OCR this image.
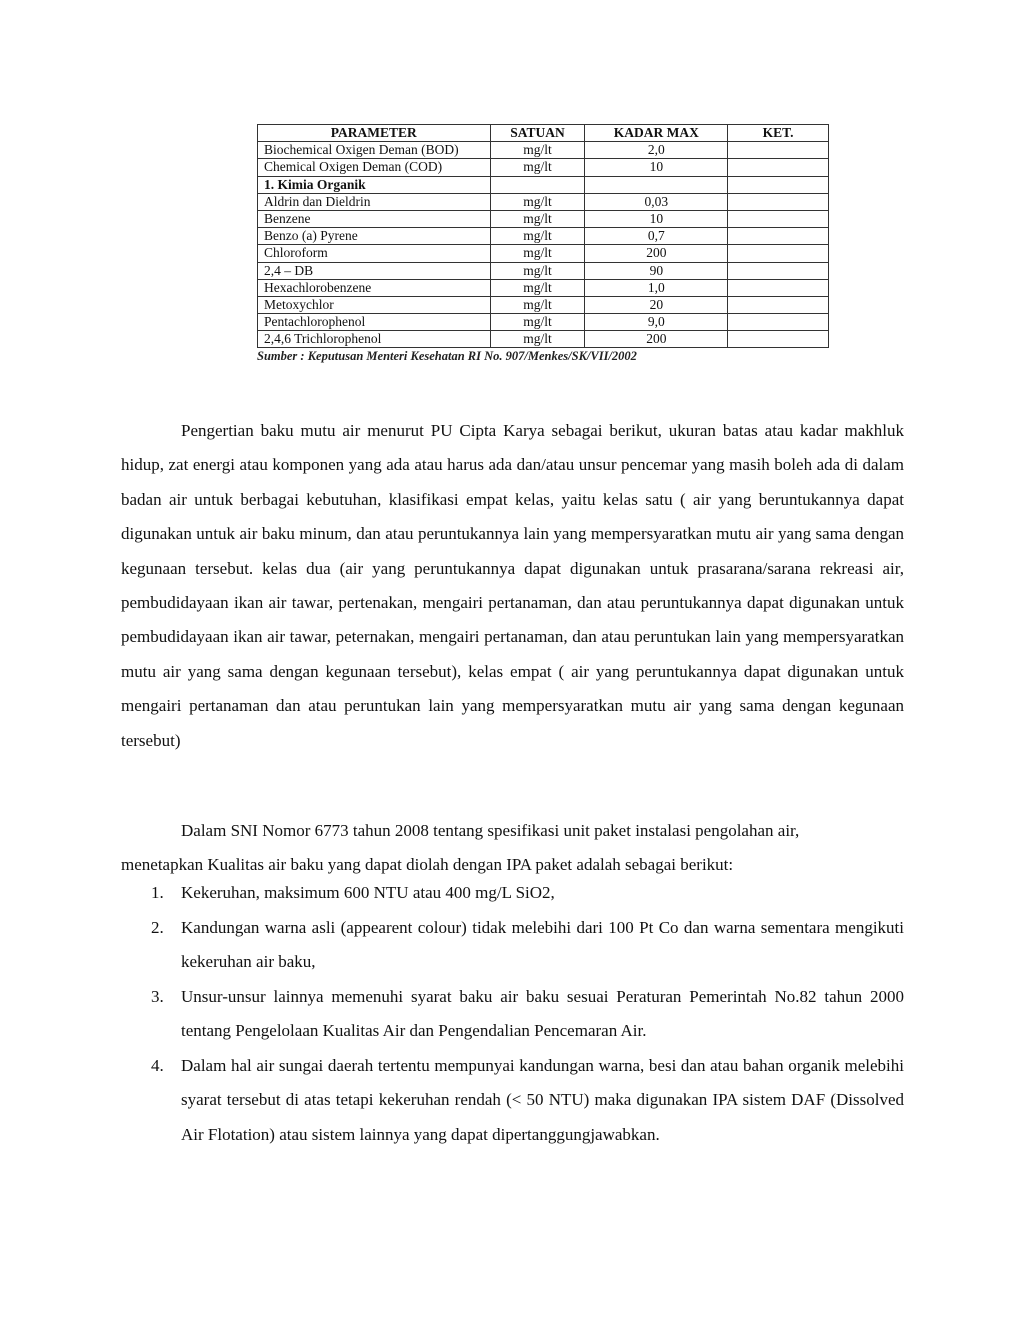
PARAMETER	SATUAN	KADAR MAX	KET.
Biochemical Oxigen Deman (BOD)	mg/lt	2,0	
Chemical Oxigen Deman (COD)	mg/lt	10	
1. Kimia Organik			
Aldrin dan Dieldrin	mg/lt	0,03	
Benzene	mg/lt	10	
Benzo (a) Pyrene	mg/lt	0,7	
Chloroform	mg/lt	200	
2,4 – DB	mg/lt	90	
Hexachlorobenzene	mg/lt	1,0	
Metoxychlor	mg/lt	20	
Pentachlorophenol	mg/lt	9,0	
2,4,6 Trichlorophenol	mg/lt	200	
Sumber : Keputusan Menteri Kesehatan RI No. 907/Menkes/SK/VII/2002

Pengertian baku mutu air menurut PU Cipta Karya sebagai berikut, ukuran batas atau kadar makhluk hidup, zat energi atau komponen yang ada atau harus ada dan/atau unsur pencemar yang masih boleh ada di dalam badan air untuk berbagai kebutuhan, klasifikasi empat kelas, yaitu kelas satu ( air yang beruntukannya dapat digunakan untuk air baku minum, dan atau peruntukannya lain yang mempersyaratkan mutu air yang sama dengan kegunaan tersebut. kelas dua (air yang peruntukannya dapat digunakan untuk prasarana/sarana rekreasi air, pembudidayaan ikan air tawar, pertenakan, mengairi pertanaman, dan atau peruntukannya dapat digunakan untuk pembudidayaan ikan air tawar, peternakan, mengairi pertanaman, dan atau peruntukan lain yang mempersyaratkan mutu air yang sama dengan kegunaan tersebut), kelas empat ( air yang peruntukannya dapat digunakan untuk mengairi pertanaman dan atau peruntukan lain yang mempersyaratkan mutu air yang sama dengan kegunaan tersebut)

Dalam SNI Nomor 6773 tahun 2008 tentang spesifikasi unit paket instalasi pengolahan air, menetapkan Kualitas air baku yang dapat diolah dengan IPA paket adalah sebagai berikut:

1. Kekeruhan, maksimum 600 NTU atau 400 mg/L SiO2,
2. Kandungan warna asli (appearent colour) tidak melebihi dari 100 Pt Co dan warna sementara mengikuti kekeruhan air baku,
3. Unsur-unsur lainnya memenuhi syarat baku air baku sesuai Peraturan Pemerintah No.82 tahun 2000 tentang Pengelolaan Kualitas Air dan Pengendalian Pencemaran Air.
4. Dalam hal air sungai daerah tertentu mempunyai kandungan warna, besi dan atau bahan organik melebihi syarat tersebut di atas tetapi kekeruhan rendah (< 50 NTU) maka digunakan IPA sistem DAF (Dissolved Air Flotation) atau sistem lainnya yang dapat dipertanggungjawabkan.
